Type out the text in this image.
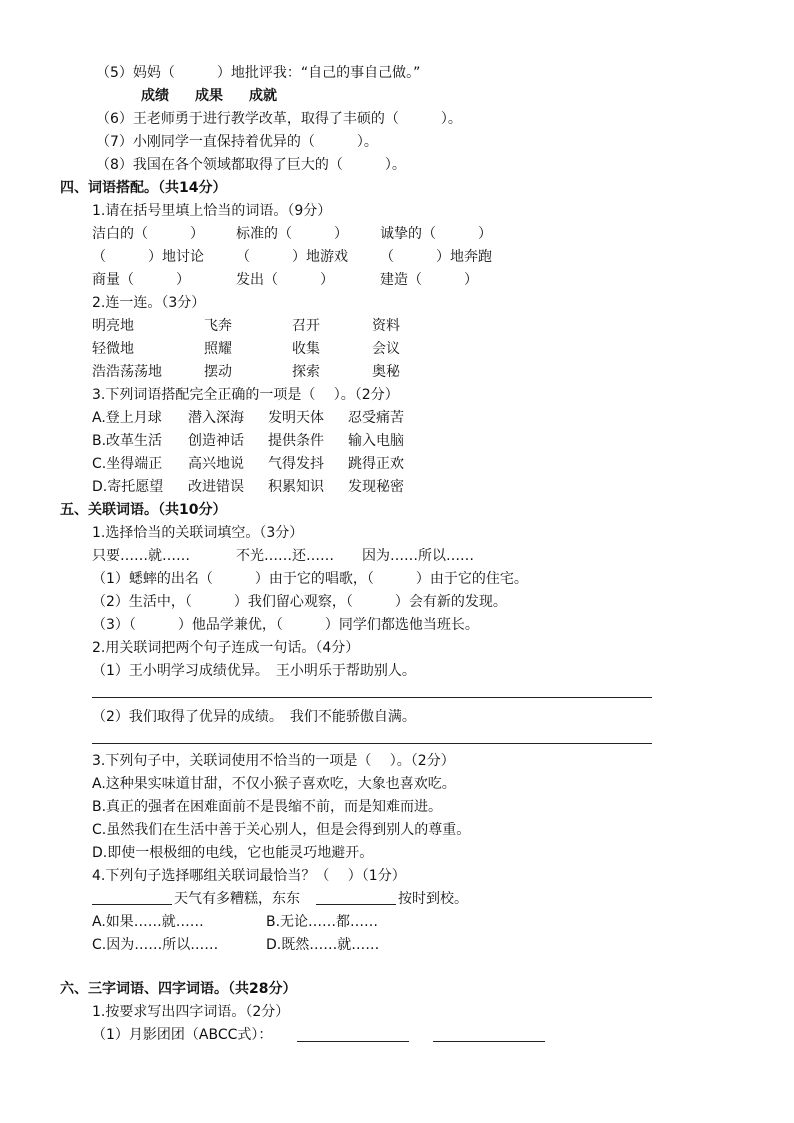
（5）妈妈（　　　）地批评我：“自己的事自己做。”
成绩 成果 成就
（6）王老师勇于进行教学改革，取得了丰硕的（　　　）。
（7）小刚同学一直保持着优异的（　　　）。
（8）我国在各个领域都取得了巨大的（　　　）。
四、词语搭配。（共14分）
1.请在括号里填上恰当的词语。（9分）
洁白的（　　　） 标准的（　　　） 诚挚的（　　　）
（　　　）地讨论 （　　　）地游戏 （　　　）地奔跑
商量（　　　）	发出（　　　）	建造（　　　）
2.连一连。（3分）
明亮地	飞奔	召开	资料
轻微地	照耀	收集	会议
浩浩荡荡地	摆动	探索	奥秘
3.下列词语搭配完全正确的一项是（　 ）。（2分）
A.登上月球	潜入深海	发明天体	忍受痛苦
B.改革生活	创造神话	提供条件	输入电脑
C.坐得端正	高兴地说	气得发抖	跳得正欢
D.寄托愿望	改进错误	积累知识	发现秘密
五、关联词语。（共10分）
1.选择恰当的关联词填空。（3分）
只要……就……	不光……还…… 因为……所以……
（1）蟋蟀的出名（　　　）由于它的唱歌，（　　　）由于它的住宅。
（2）生活中，（　　　）我们留心观察，（　　　）会有新的发现。
（3）（　　　）他品学兼优，（　　　）同学们都选他当班长。
2.用关联词把两个句子连成一句话。（4分）
（1）王小明学习成绩优异。　王小明乐于帮助别人。
（2）我们取得了优异的成绩。　我们不能骄傲自满。
3.下列句子中，关联词使用不恰当的一项是（　 ）。（2分）
A.这种果实味道甘甜，不仅小猴子喜欢吃，大象也喜欢吃。
B.真正的强者在困难面前不是畏缩不前，而是知难而进。
C.虽然我们在生活中善于关心别人，但是会得到别人的尊重。
D.即使一根极细的电线，它也能灵巧地避开。
4.下列句子选择哪组关联词最恰当？（　 ）（1分）
天气有多糟糕，东东	按时到校。
A.如果……就……	B.无论……都……
C.因为……所以……	D.既然……就……
六、三字词语、四字词语。（共28分）
1.按要求写出四字词语。（2分）
（1）月影团团（ABCC式）：
